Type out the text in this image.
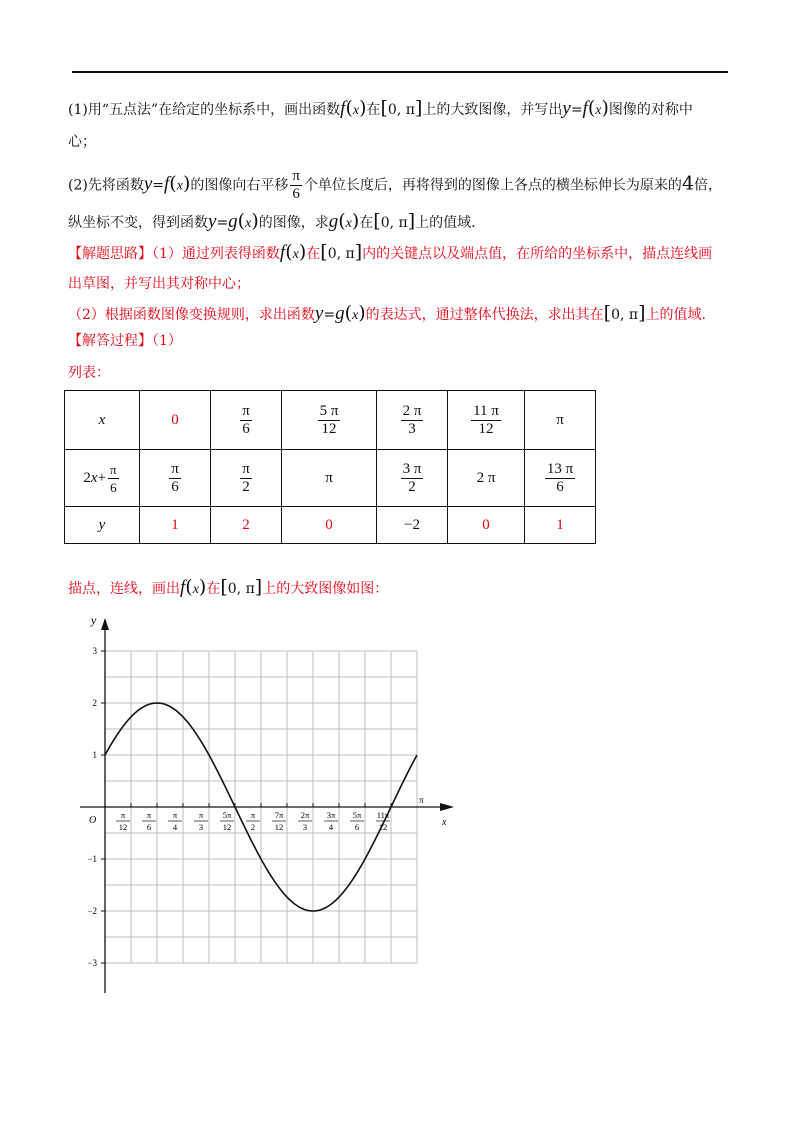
(1)用“五点法”在给定的坐标系中，画出函数f(x)在[0, π]上的大致图像，并写出y=f(x)图像的对称中
心；
(2)先将函数y=f(x)的图像向右平移 $\frac{\pi}{6}$ 个单位长度后，再将得到的图像上各点的横坐标伸长为原来的4倍，
纵坐标不变，得到函数y=g(x)的图像，求g(x)在[0, π]上的值域.
【解题思路】（1）通过列表得函数f(x)在[0, π]内的关键点以及端点值，在所给的坐标系中，描点连线画
出草图，并写出其对称中心；
（2）根据函数图像变换规则，求出函数y=g(x)的表达式，通过整体代换法，求出其在[0, π]上的值域.
【解答过程】（1）
列表：
x	0	$\frac{\pi}{6}$	$\frac{5 \pi}{12}$	$\frac{2 \pi}{3}$	$\frac{11 \pi}{12}$	π
$2x+ \frac{\pi}{6}$	$\frac{\pi}{6}$	$\frac{\pi}{2}$	π	$\frac{3 \pi}{2}$	2 π	$\frac{13 \pi}{6}$

y	1	2	0	−2	0	1
描点，连线，画出f(x)在[0, π]上的大致图像如图：
y
x
O
π
3
2
1
−1
−2
−3
π
12
π
6
π
4
π
3
5π
12
π
2
7π
12
2π
3
3π
4
5π
6
11π
12
